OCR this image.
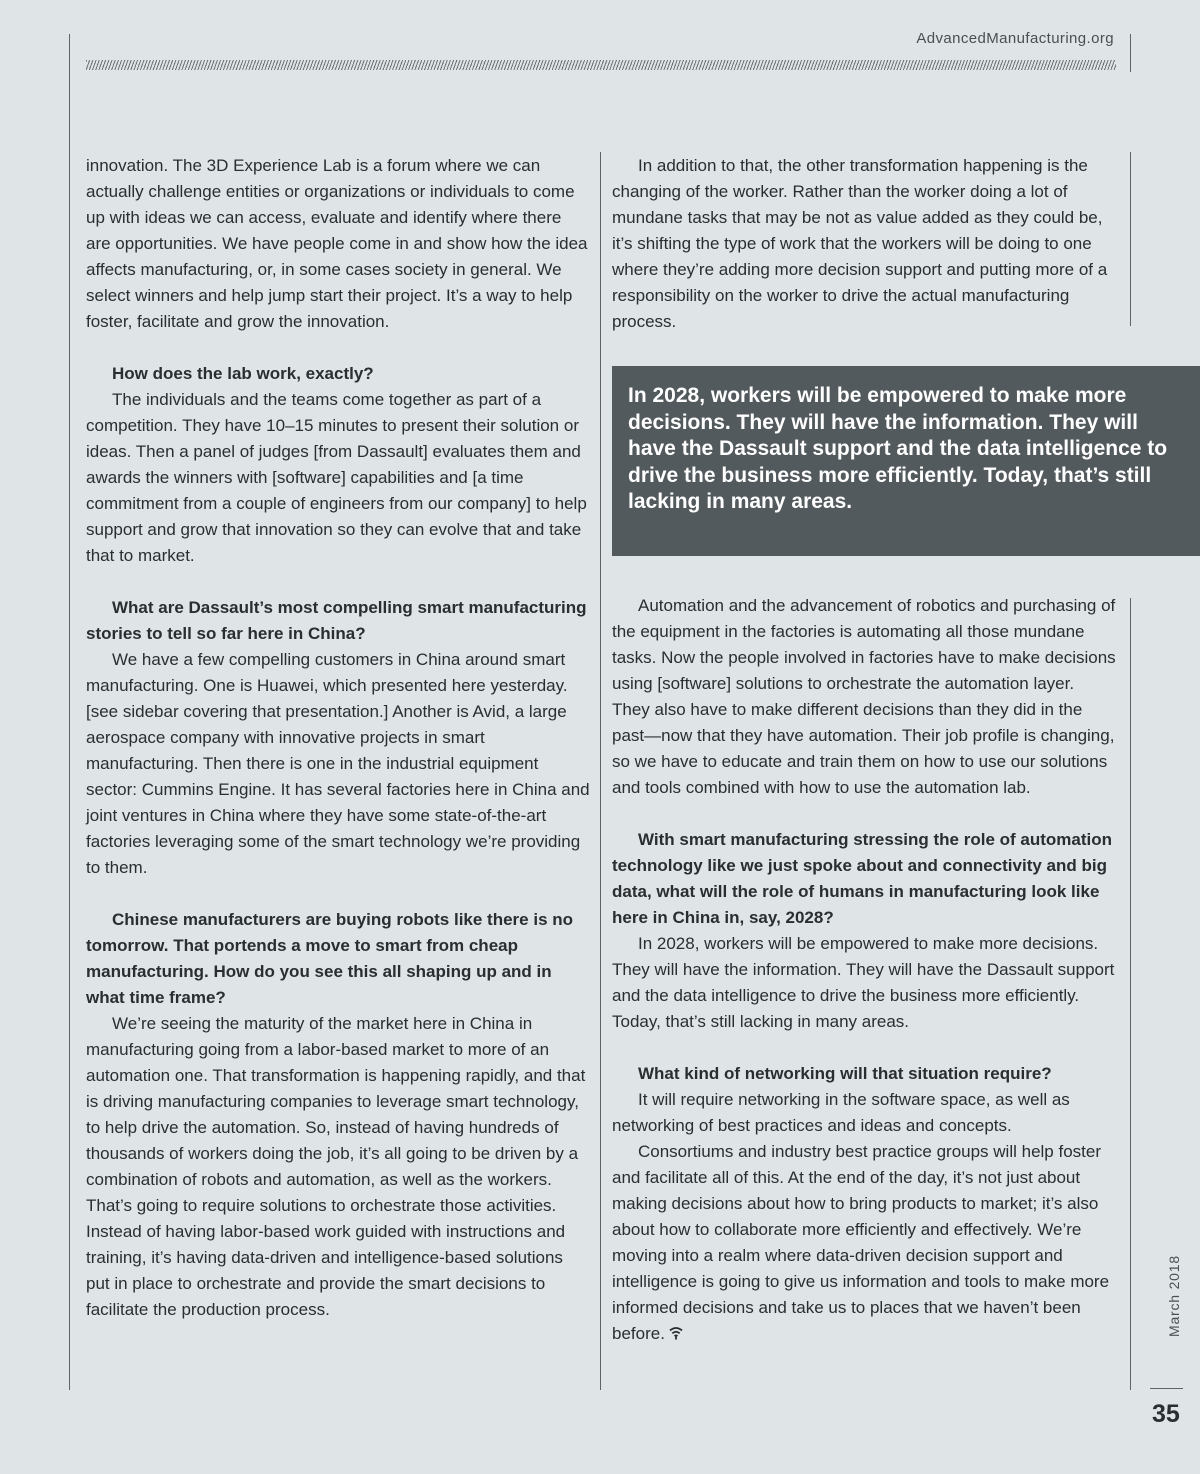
AdvancedManufacturing.org

innovation. The 3D Experience Lab is a forum where we can actually challenge entities or organizations or individuals to come up with ideas we can access, evaluate and identify where there are opportunities. We have people come in and show how the idea affects manufacturing, or, in some cases society in general. We select winners and help jump start their project. It’s a way to help foster, facilitate and grow the innovation.

How does the lab work, exactly?

The individuals and the teams come together as part of a competition. They have 10–15 minutes to present their solution or ideas. Then a panel of judges [from Dassault] evaluates them and awards the winners with [software] capabilities and [a time commitment from a couple of engineers from our company] to help support and grow that innovation so they can evolve that and take that to market.

What are Dassault’s most compelling smart manufacturing stories to tell so far here in China?

We have a few compelling customers in China around smart manufacturing. One is Huawei, which presented here yesterday. [see sidebar covering that presentation.] Another is Avid, a large aerospace company with innovative projects in smart manufacturing. Then there is one in the industrial equipment sector: Cummins Engine. It has several factories here in China and joint ventures in China where they have some state-of-the-art factories leveraging some of the smart technology we’re providing to them.

Chinese manufacturers are buying robots like there is no tomorrow. That portends a move to smart from cheap manufacturing. How do you see this all shaping up and in what time frame?

We’re seeing the maturity of the market here in China in manufacturing going from a labor-based market to more of an automation one. That transformation is happening rapidly, and that is driving manufacturing companies to leverage smart technology, to help drive the automation. So, instead of having hundreds of thousands of workers doing the job, it’s all going to be driven by a combination of robots and automation, as well as the workers. That’s going to require solutions to orchestrate those activities. Instead of having labor-based work guided with instructions and training, it’s having data-driven and intelligence-based solutions put in place to orchestrate and provide the smart decisions to facilitate the production process.

In addition to that, the other transformation happening is the changing of the worker. Rather than the worker doing a lot of mundane tasks that may be not as value added as they could be, it’s shifting the type of work that the workers will be doing to one where they’re adding more decision support and putting more of a responsibility on the worker to drive the actual manufacturing process.

In 2028, workers will be empowered to make more decisions. They will have the information. They will have the Dassault support and the data intelligence to drive the business more efficiently. Today, that’s still lacking in many areas.

Automation and the advancement of robotics and purchasing of the equipment in the factories is automating all those mundane tasks. Now the people involved in factories have to make decisions using [software] solutions to orchestrate the automation layer. They also have to make different decisions than they did in the past—now that they have automation. Their job profile is changing, so we have to educate and train them on how to use our solutions and tools combined with how to use the automation lab.

With smart manufacturing stressing the role of automation technology like we just spoke about and connectivity and big data, what will the role of humans in manufacturing look like here in China in, say, 2028?

In 2028, workers will be empowered to make more decisions. They will have the information. They will have the Dassault support and the data intelligence to drive the business more efficiently. Today, that’s still lacking in many areas.

What kind of networking will that situation require?

It will require networking in the software space, as well as networking of best practices and ideas and concepts.

Consortiums and industry best practice groups will help foster and facilitate all of this. At the end of the day, it’s not just about making decisions about how to bring products to market; it’s also about how to collaborate more efficiently and effectively. We’re moving into a realm where data-driven decision support and intelligence is going to give us information and tools to make more informed decisions and take us to places that we haven’t been before.	March 2018
35
